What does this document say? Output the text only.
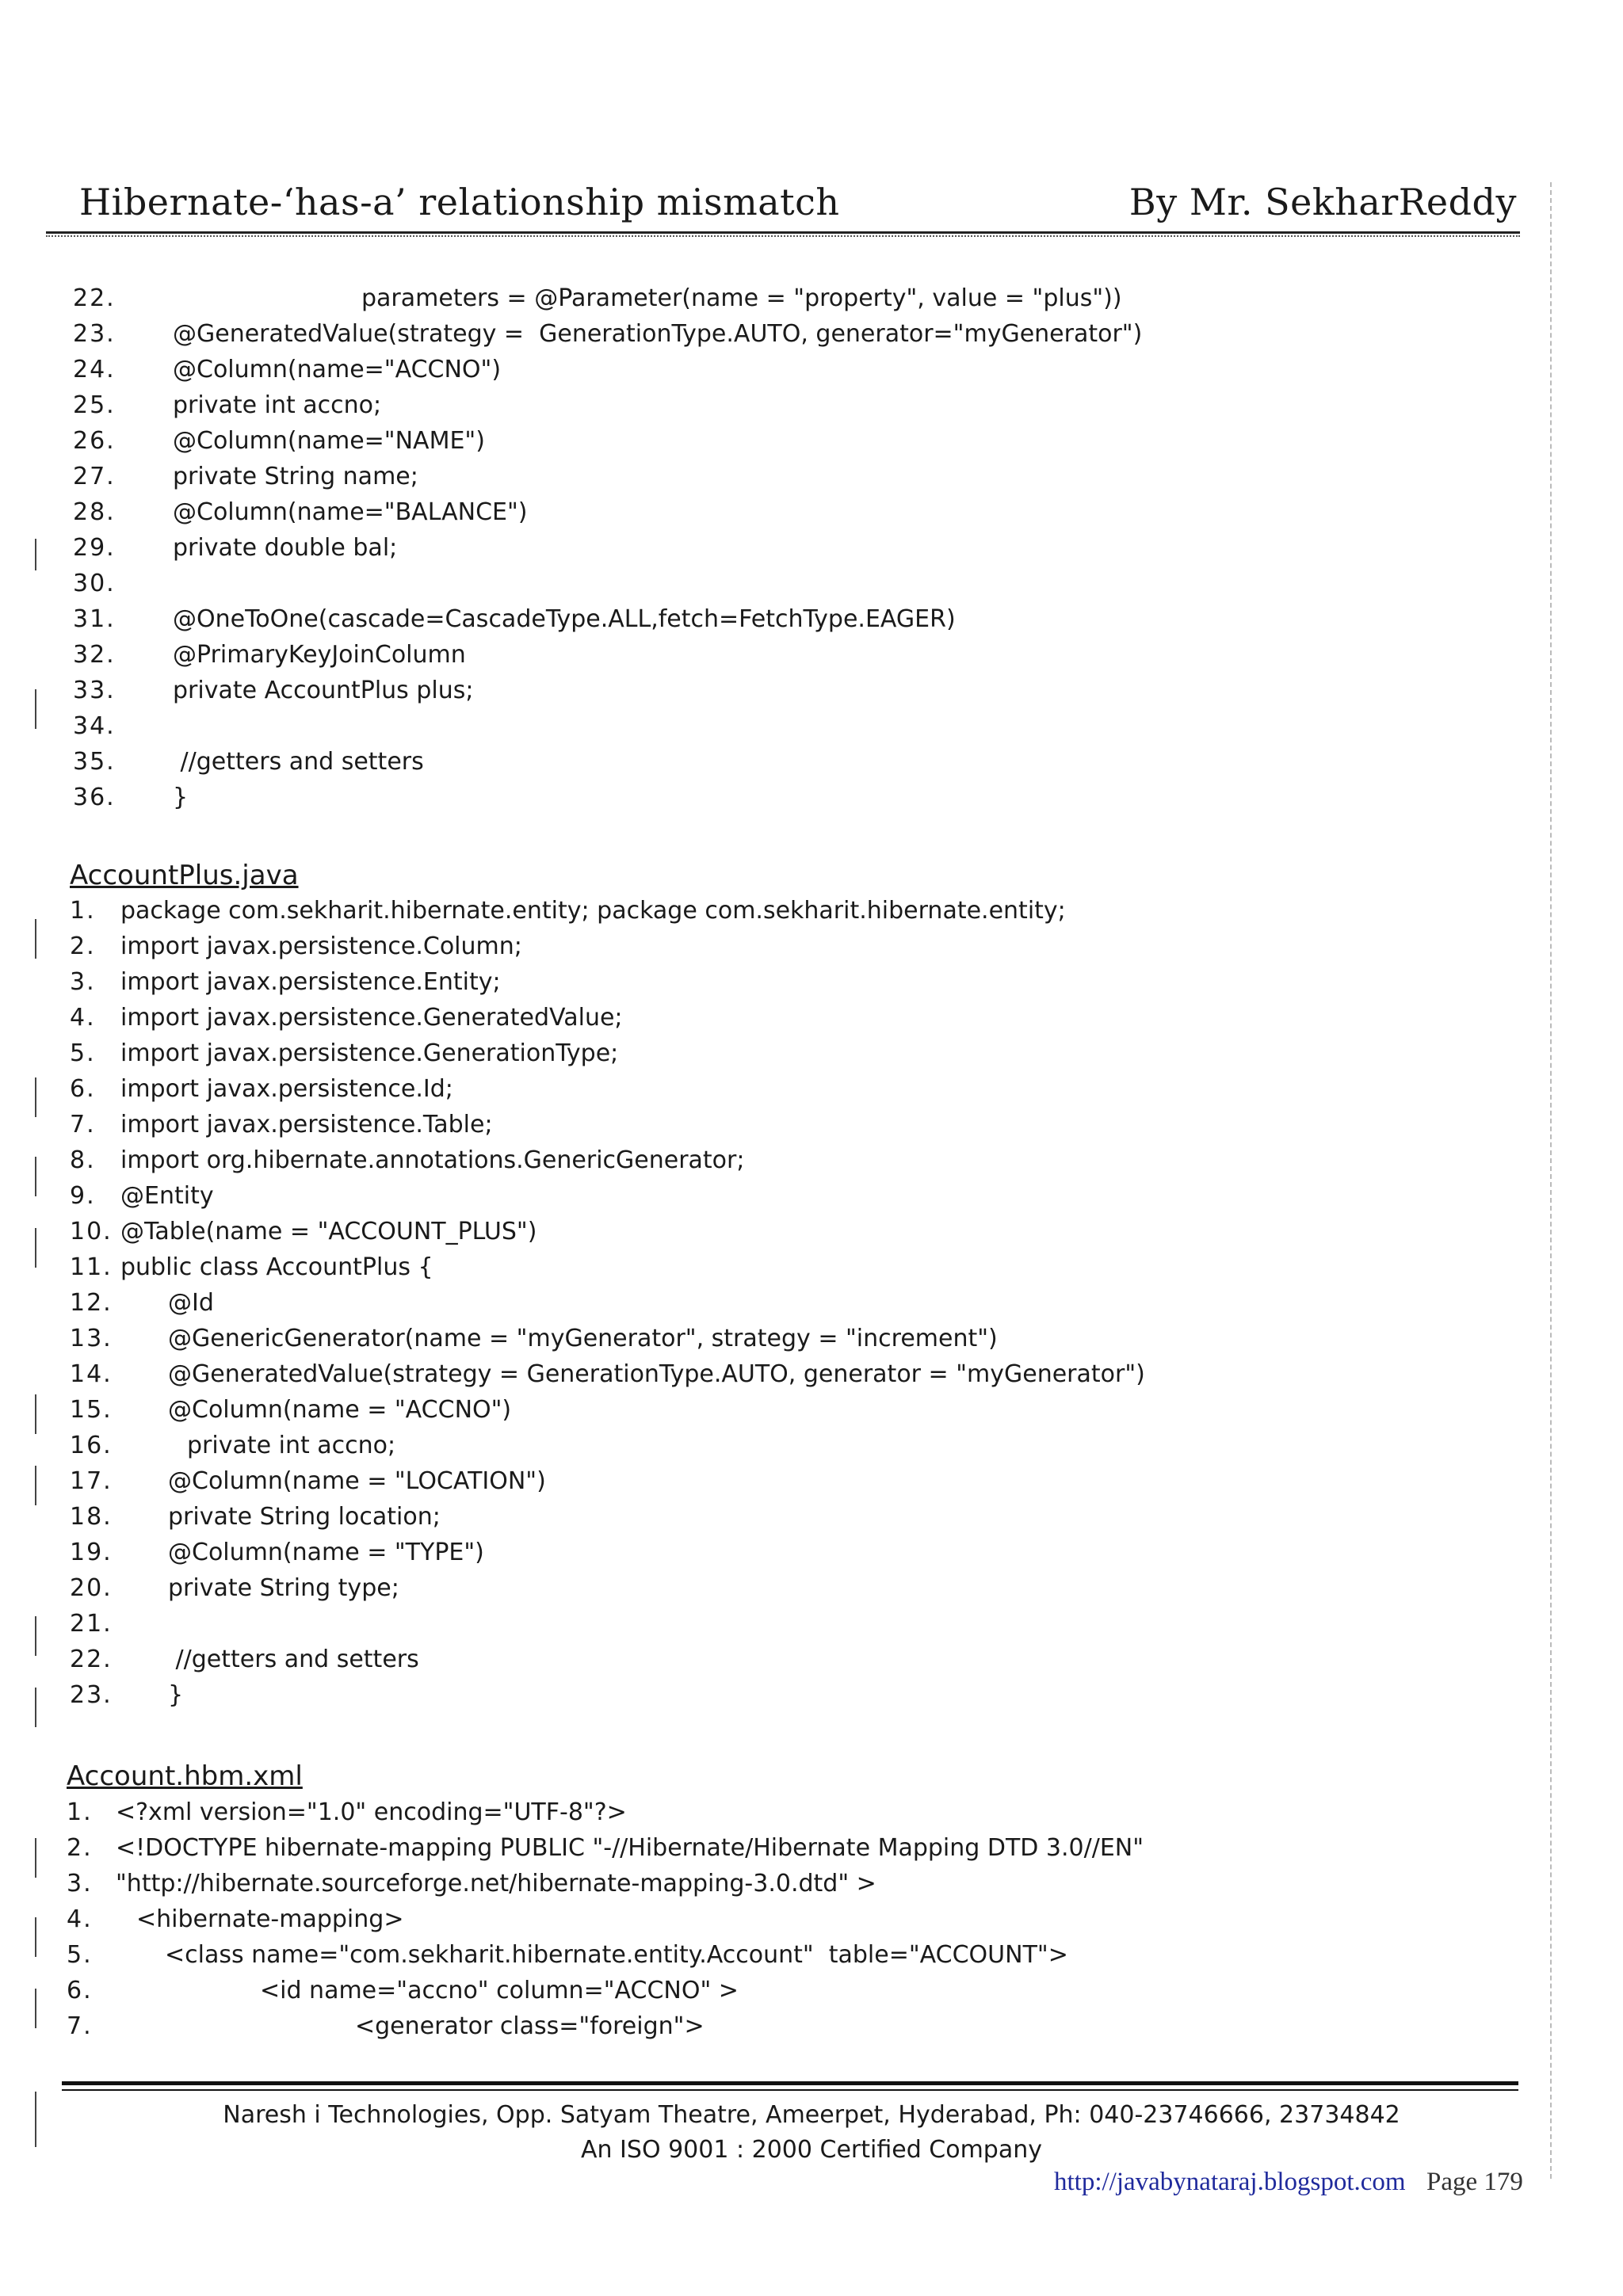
Hibernate-‘has-a’ relationship mismatch	By Mr. SekharReddy

22.

	parameters = @Parameter(name = "property", value = "plus"))

23.

@GeneratedValue(strategy =  GenerationType.AUTO, generator="myGenerator")

24.

@Column(name="ACCNO")

25.

private int accno;

26.

@Column(name="NAME")

27.

private String name;

28.

@Column(name="BALANCE")

29.

private double bal;

30.

31.

@OneToOne(cascade=CascadeType.ALL,fetch=FetchType.EAGER)

32.

@PrimaryKeyJoinColumn

33.

private AccountPlus plus;

34.

35.

//getters and setters

36.

}

AccountPlus.java

1.

package com.sekharit.hibernate.entity; package com.sekharit.hibernate.entity;

2.

import javax.persistence.Column;

3.

import javax.persistence.Entity;

4.

import javax.persistence.GeneratedValue;

5.

import javax.persistence.GenerationType;

6.

import javax.persistence.Id;

7.

import javax.persistence.Table;

8.

import org.hibernate.annotations.GenericGenerator;

9.

@Entity

10.

@Table(name = "ACCOUNT_PLUS")

11.

public class AccountPlus {

12.

@Id

13.

@GenericGenerator(name = "myGenerator", strategy = "increment")

14.

@GeneratedValue(strategy = GenerationType.AUTO, generator = "myGenerator")

15.

@Column(name = "ACCNO")

16.

	private int accno;

17.

@Column(name = "LOCATION")

18.

private String location;

19.

@Column(name = "TYPE")

20.

private String type;

21.

22.

//getters and setters

23.

}

Account.hbm.xml

1.

<?xml version="1.0" encoding="UTF-8"?>

2.

<!DOCTYPE hibernate-mapping PUBLIC "-//Hibernate/Hibernate Mapping DTD 3.0//EN"

3.

"http://hibernate.sourceforge.net/hibernate-mapping-3.0.dtd" >

4.

<hibernate-mapping>

5.

	<class name="com.sekharit.hibernate.entity.Account"  table="ACCOUNT">

6.

	<id name="accno" column="ACCNO" >

7.

	<generator class="foreign">

Naresh i Technologies, Opp. Satyam Theatre, Ameerpet, Hyderabad, Ph: 040-23746666, 23734842
An ISO 9001 : 2000 Certified Company
http://javabynataraj.blogspot.com Page 179
